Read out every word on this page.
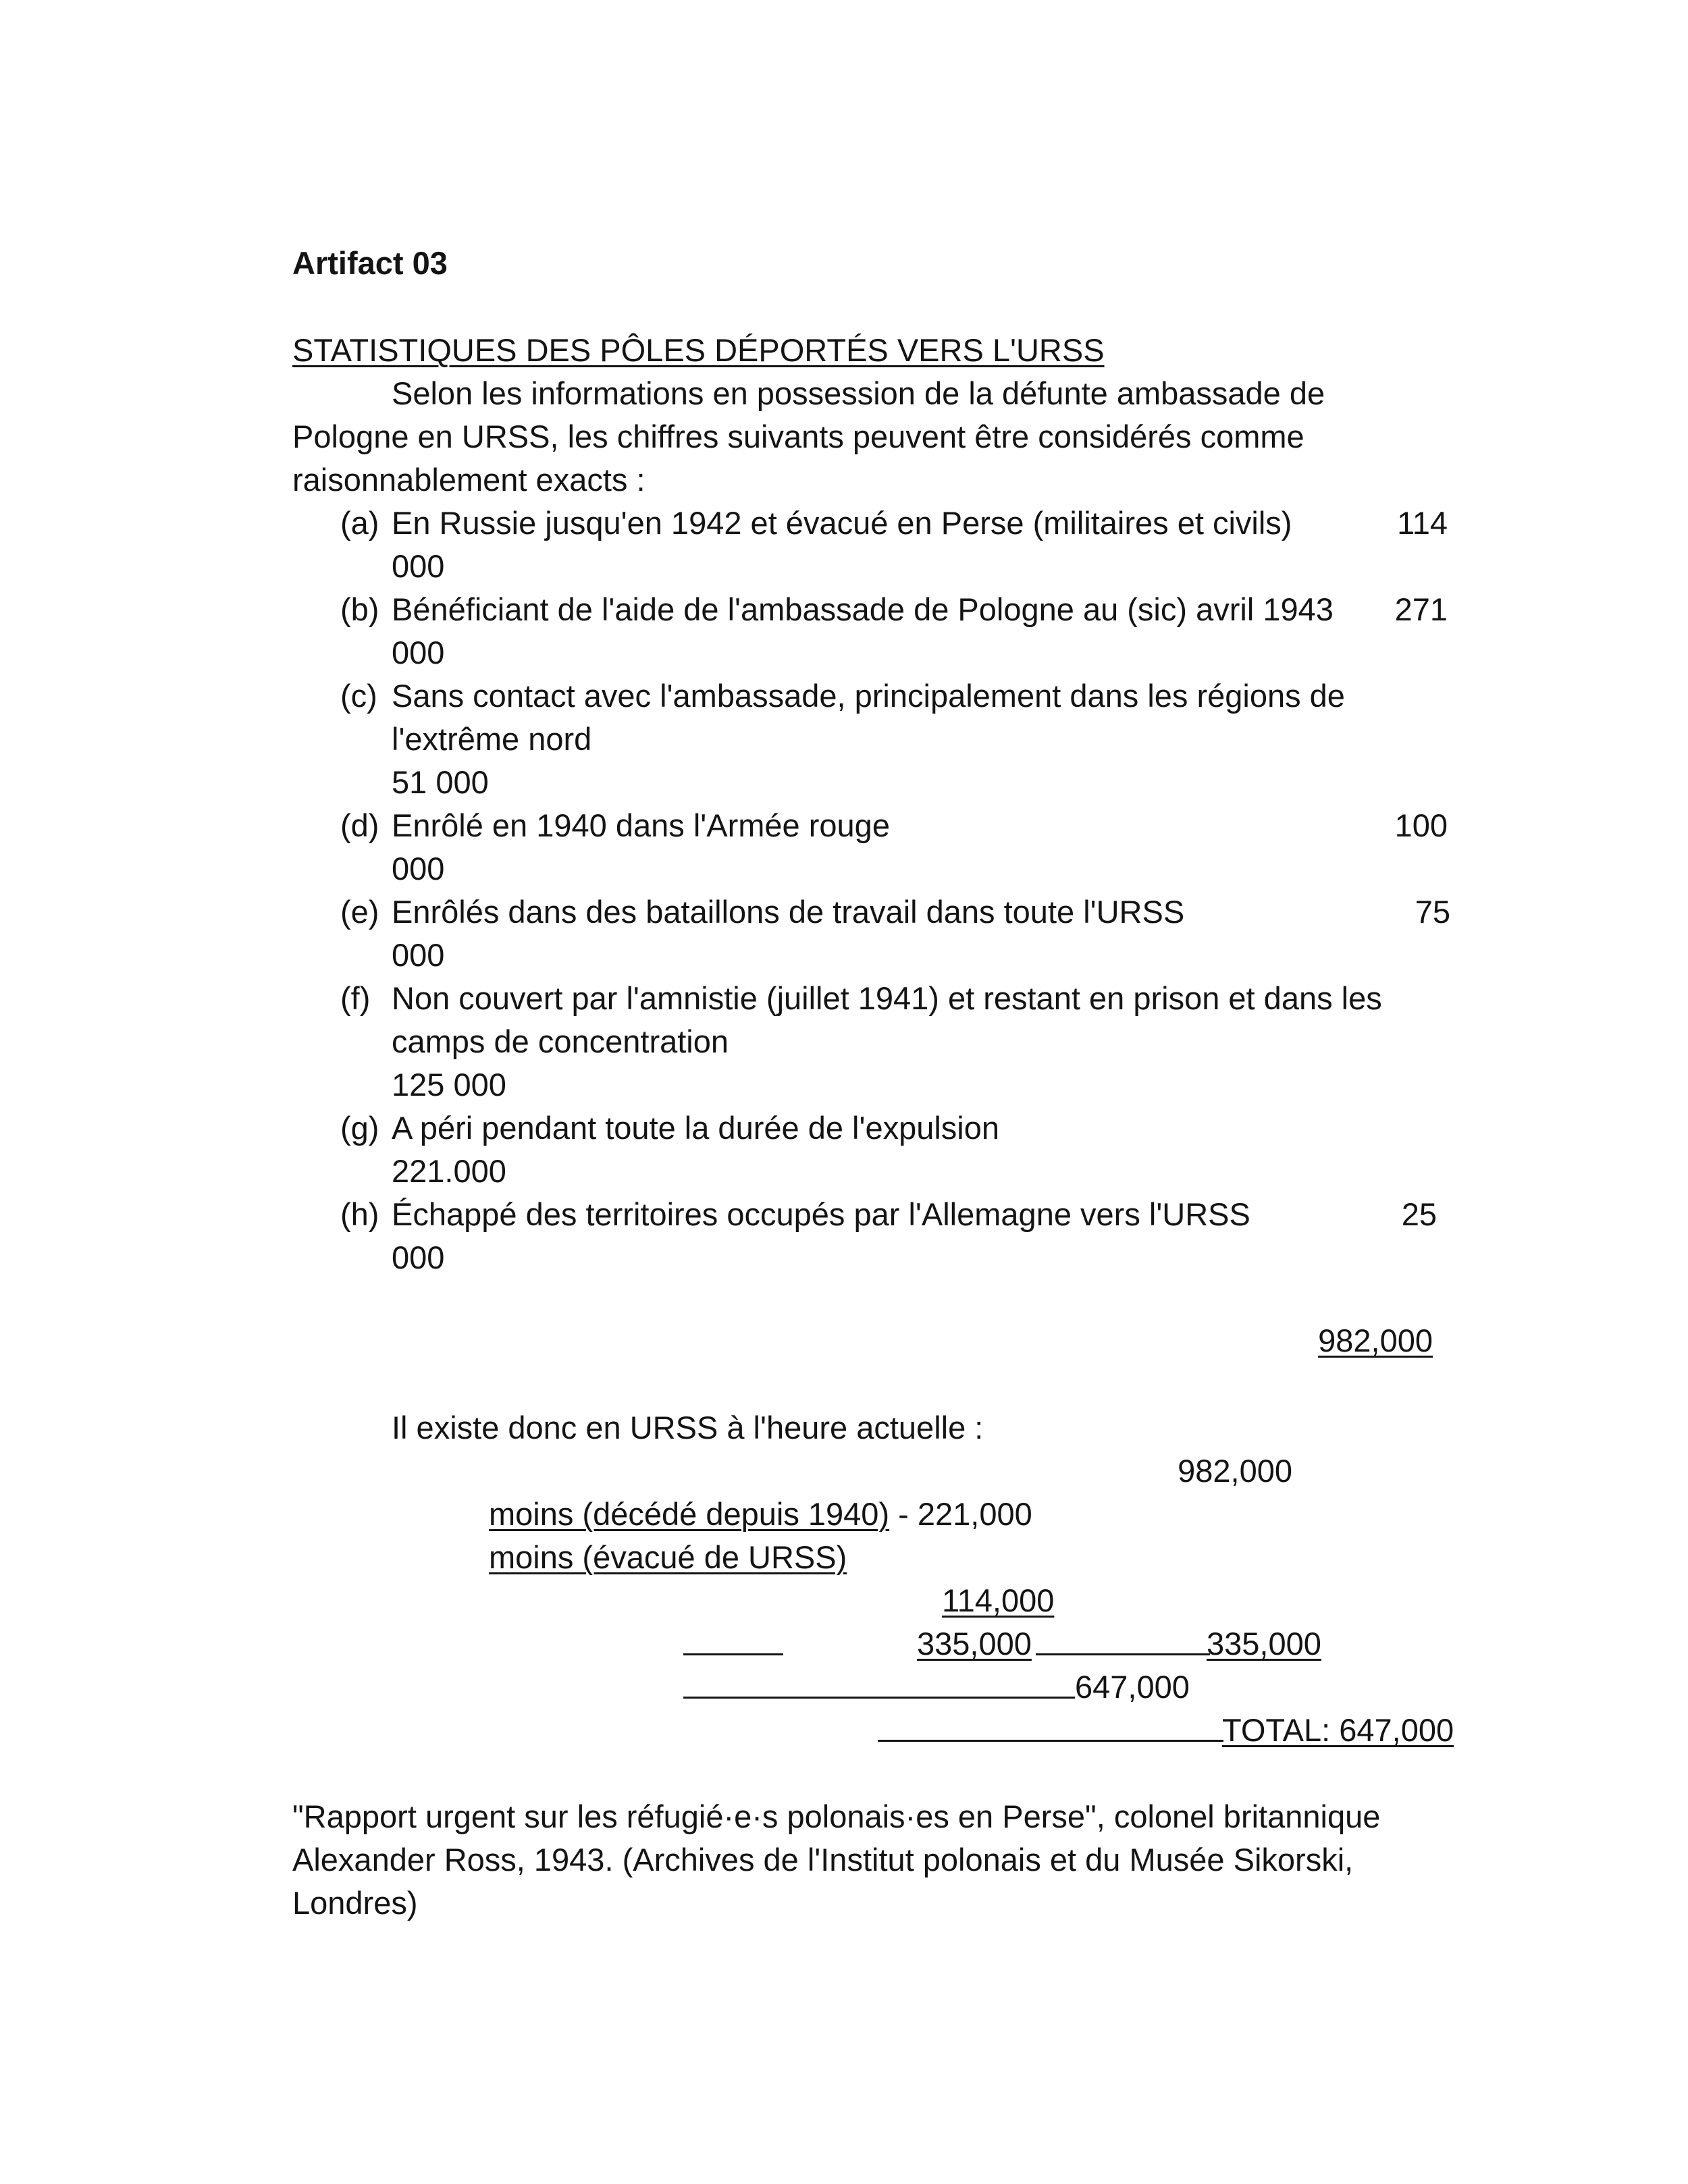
Artifact 03
STATISTIQUES DES PÔLES DÉPORTÉS VERS L'URSS
Selon les informations en possession de la défunte ambassade de
Pologne en URSS, les chiffres suivants peuvent être considérés comme
raisonnablement exacts :
(a) En Russie jusqu'en 1942 et évacué en Perse (militaires et civils)	114
000
(b) Bénéficiant de l'aide de l'ambassade de Pologne au (sic) avril 1943	271
000
(c) Sans contact avec l'ambassade, principalement dans les régions de
l'extrême nord
51 000
(d) Enrôlé en 1940 dans l'Armée rouge	100
000
(e) Enrôlés dans des bataillons de travail dans toute l'URSS	75
000
(f) Non couvert par l'amnistie (juillet 1941) et restant en prison et dans les
camps de concentration
125 000
(g) A péri pendant toute la durée de l'expulsion
221.000
(h) Échappé des territoires occupés par l'Allemagne vers l'URSS	25
000
982,000
Il existe donc en URSS à l'heure actuelle :
982,000
moins (décédé depuis 1940) - 221,000
moins (évacué de URSS)
114,000
335,000	335,000
647,000
TOTAL: 647,000
"Rapport urgent sur les réfugié·e·s polonais·es en Perse", colonel britannique
Alexander Ross, 1943. (Archives de l'Institut polonais et du Musée Sikorski,
Londres)
